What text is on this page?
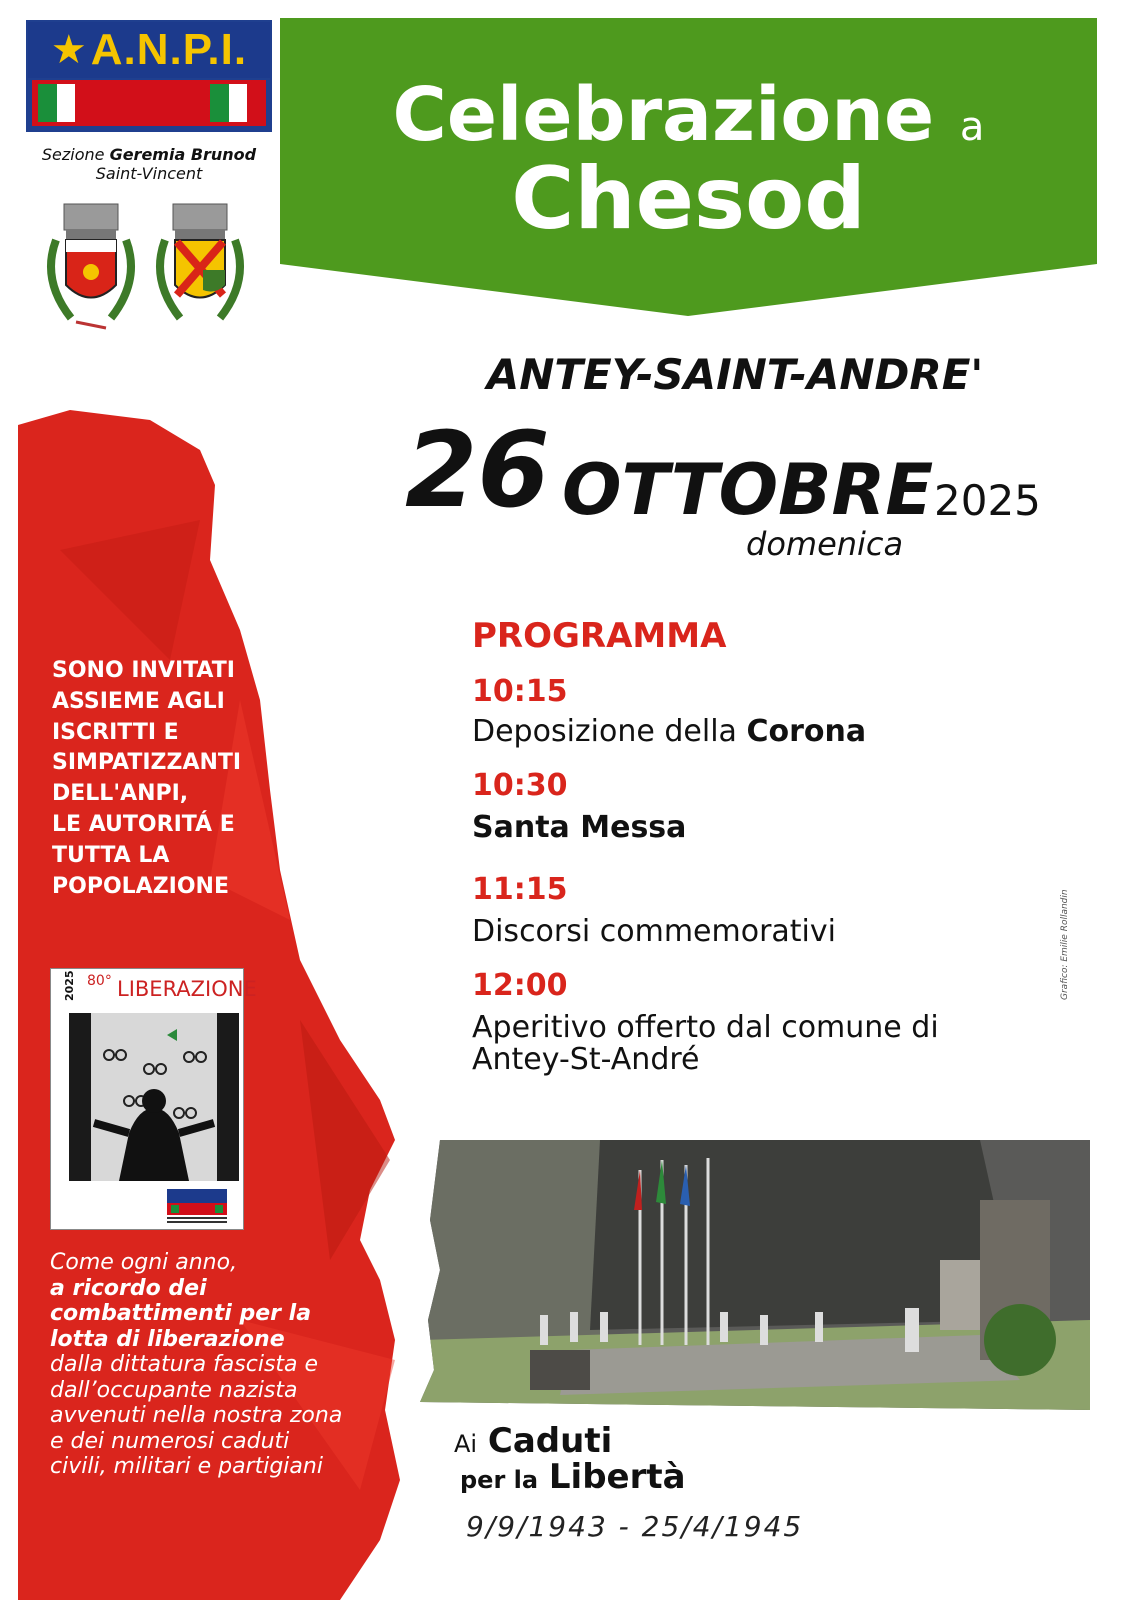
★ A.N.P.I.
Sezione Geremia Brunod
Saint-Vincent
Celebrazione a
Chesod
ANTEY-SAINT-ANDRE'
26 OTTOBRE 2025
domenica
PROGRAMMA
10:15
Deposizione della Corona
10:30
Santa Messa
11:15
Discorsi commemorativi
12:00
Aperitivo offerto dal comune di
Antey-St-André
Grafico: Emilie Rollandin
SONO INVITATI
ASSIEME AGLI
ISCRITTI E
SIMPATIZZANTI
DELL'ANPI,
LE AUTORITÁ E
TUTTA LA
POPOLAZIONE
2025 80° LIBERAZIONE
Come ogni anno,
a ricordo dei
combattimenti per la
lotta di liberazione
dalla dittatura fascista e
dall’occupante nazista
avvenuti nella nostra zona
e dei numerosi caduti
civili, militari e partigiani
Ai Caduti
per la Libertà
9/9/1943 - 25/4/1945
